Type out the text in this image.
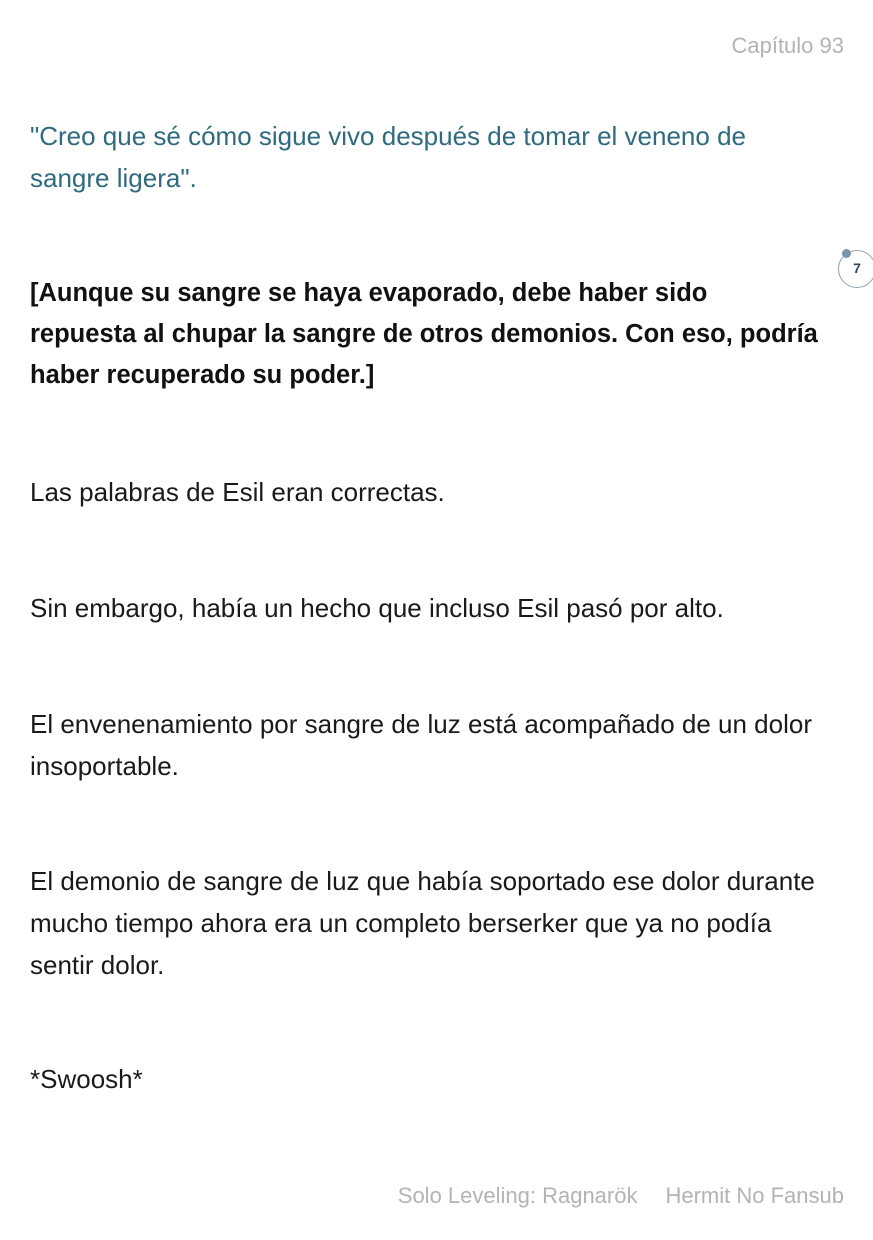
Capítulo 93

"Creo que sé cómo sigue vivo después de tomar el veneno de sangre ligera".

7

[Aunque su sangre se haya evaporado, debe haber sido repuesta al chupar la sangre de otros demonios. Con eso, podría haber recuperado su poder.]

Las palabras de Esil eran correctas.

Sin embargo, había un hecho que incluso Esil pasó por alto.

El envenenamiento por sangre de luz está acompañado de un dolor insoportable.

El demonio de sangre de luz que había soportado ese dolor durante mucho tiempo ahora era un completo berserker que ya no podía sentir dolor.

*Swoosh*

Solo Leveling: Ragnarök Hermit No Fansub
